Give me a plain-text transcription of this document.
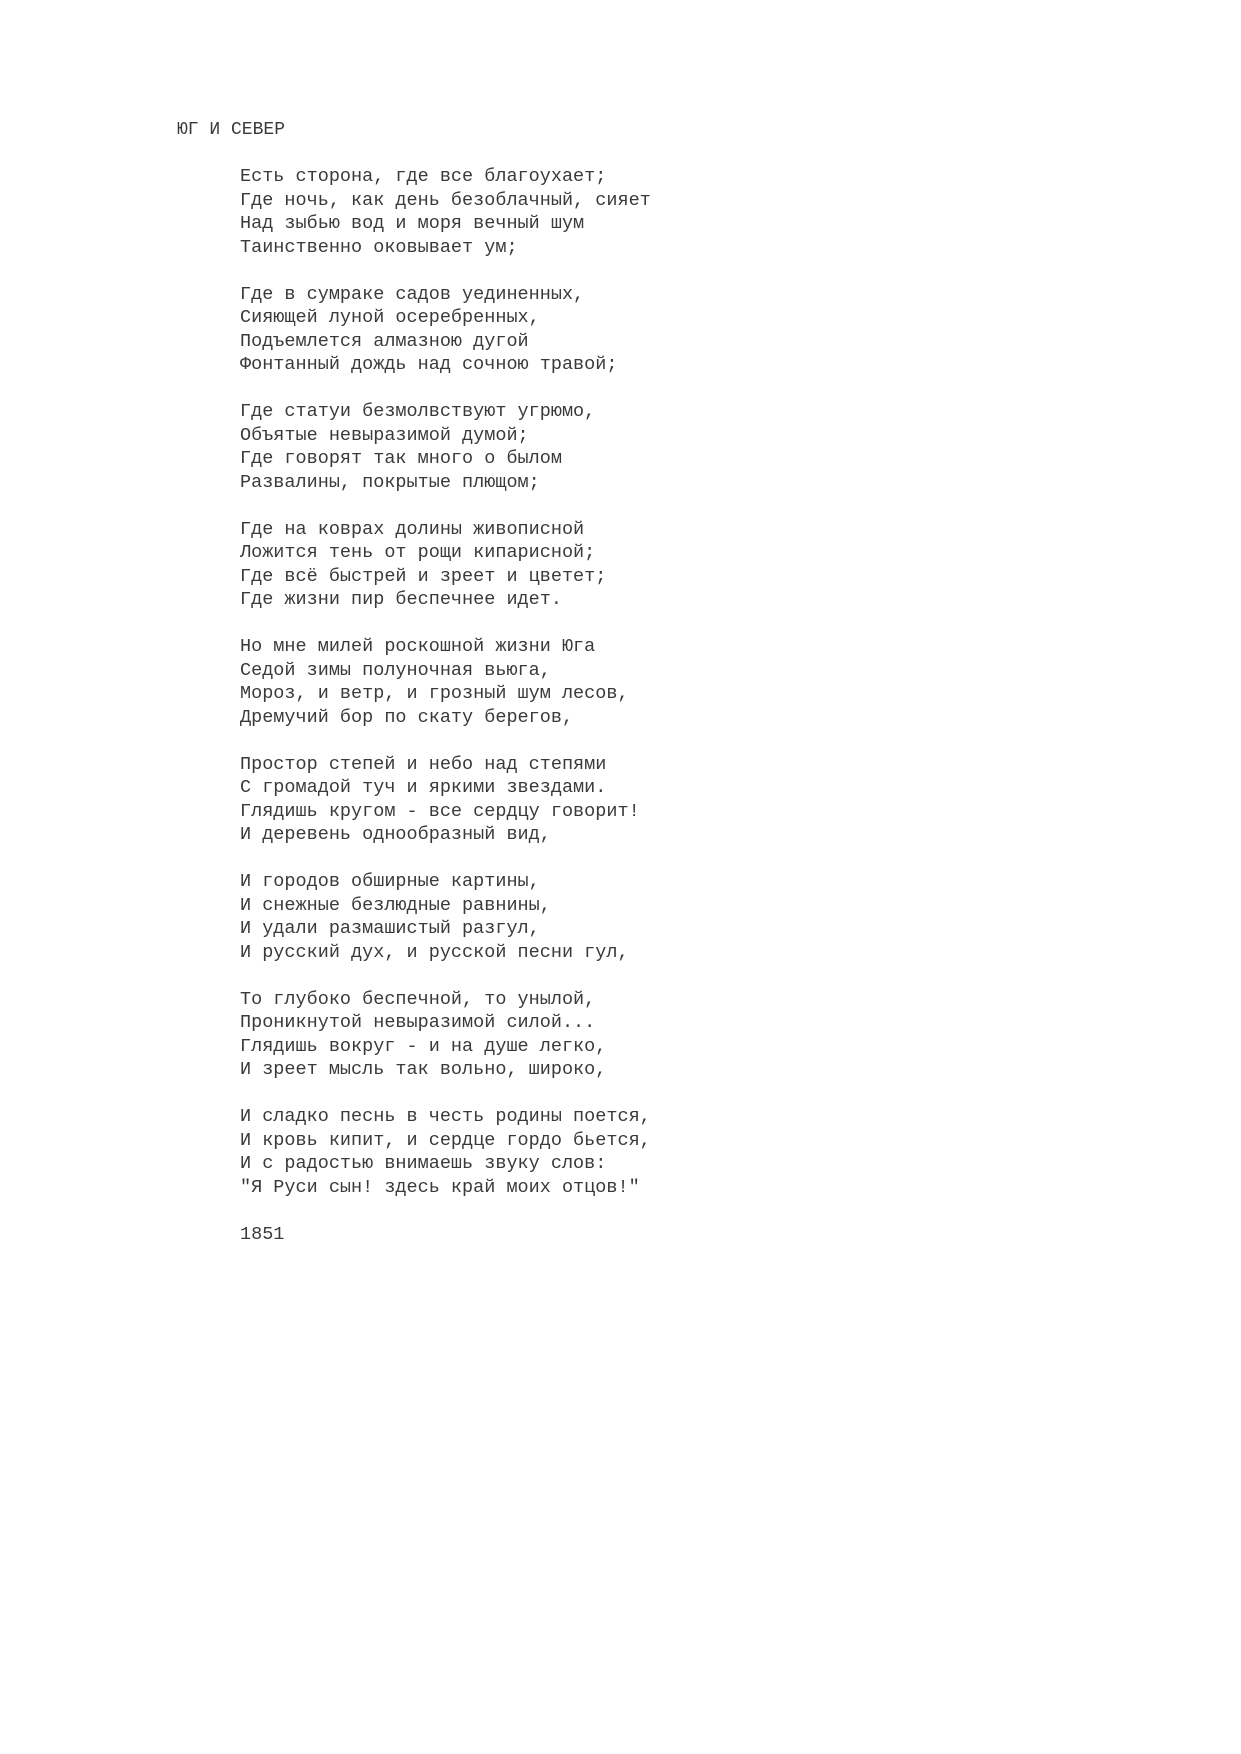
ЮГ И СЕВЕР
Есть сторона, где все благоухает;
Где ночь, как день безоблачный, сияет
Над зыбью вод и моря вечный шум
Таинственно оковывает ум;
Где в сумраке садов уединенных,
Сияющей луной осеребренных,
Подъемлется алмазною дугой
Фонтанный дождь над сочною травой;
Где статуи безмолвствуют угрюмо,
Объятые невыразимой думой;
Где говорят так много о былом
Развалины, покрытые плющом;
Где на коврах долины живописной
Ложится тень от рощи кипарисной;
Где всё быстрей и зреет и цветет;
Где жизни пир беспечнее идет.
Но мне милей роскошной жизни Юга
Седой зимы полуночная вьюга,
Мороз, и ветр, и грозный шум лесов,
Дремучий бор по скату берегов,
Простор степей и небо над степями
С громадой туч и яркими звездами.
Глядишь кругом - все сердцу говорит!
И деревень однообразный вид,
И городов обширные картины,
И снежные безлюдные равнины,
И удали размашистый разгул,
И русский дух, и русской песни гул,
То глубоко беспечной, то унылой,
Проникнутой невыразимой силой...
Глядишь вокруг - и на душе легко,
И зреет мысль так вольно, широко,
И сладко песнь в честь родины поется,
И кровь кипит, и сердце гордо бьется,
И с радостью внимаешь звуку слов:
"Я Руси сын! здесь край моих отцов!"
1851
